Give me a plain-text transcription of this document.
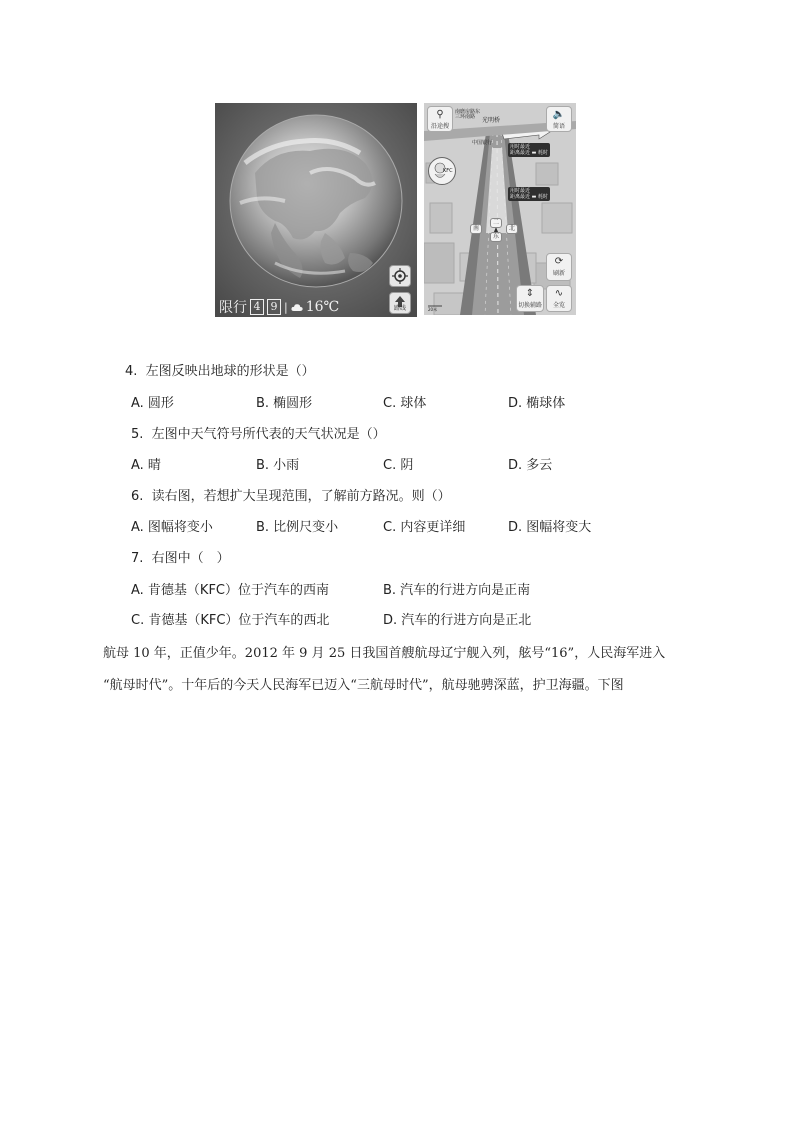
路线
限行 4 9 | 16℃
⚲
沿途搜
🔈
简语
南磨房路东三环南路	光明桥
中国银行
用时最近
距离最近 ▬ 耗时
用时最近
距离最近 ▬ 耗时
KFC
南
二
北
东
⟳
刷新
⇕
切换辅路
∿
全览
20米
4. 左图反映出地球的形状是（）
A. 圆形	B. 椭圆形	C. 球体	D. 椭球体
5. 左图中天气符号所代表的天气状况是（）
A. 晴	B. 小雨	C. 阴	D. 多云
6. 读右图，若想扩大呈现范围，了解前方路况。则（）
A. 图幅将变小	B. 比例尺变小	C. 内容更详细	D. 图幅将变大
7. 右图中（　）
A. 肯德基（KFC）位于汽车的西南	B. 汽车的行进方向是正南
C. 肯德基（KFC）位于汽车的西北	D. 汽车的行进方向是正北
航母 10 年，正值少年。2012 年 9 月 25 日我国首艘航母辽宁舰入列，舷号“16”，人民海军进入
“航母时代”。十年后的今天人民海军已迈入“三航母时代”，航母驰骋深蓝，护卫海疆。下图
